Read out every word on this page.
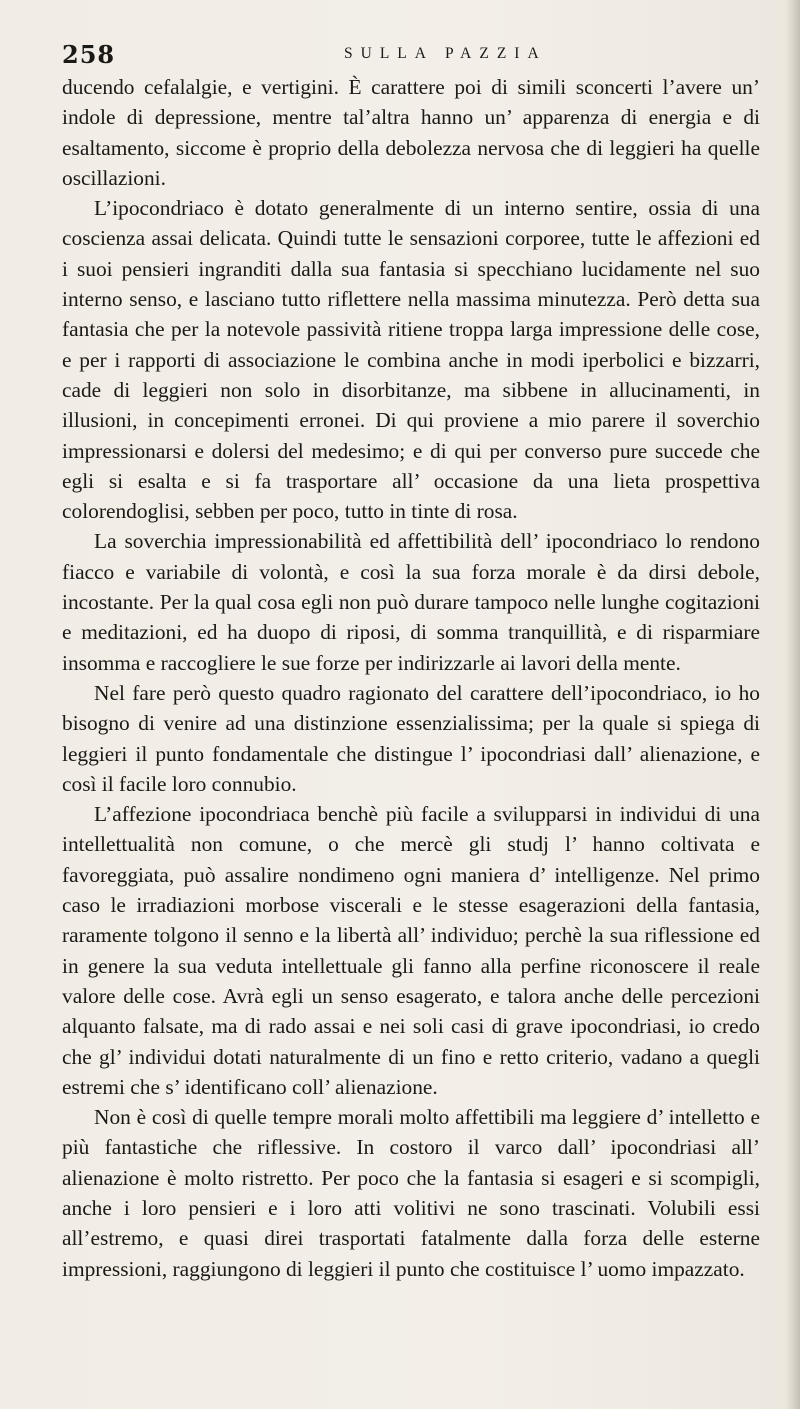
258	SULLA PAZZIA

ducendo cefalalgie, e vertigini. È carattere poi di simili sconcerti l’avere un’ indole di depressione, mentre tal’altra hanno un’ apparenza di energia e di esaltamento, siccome è proprio della debolezza nervosa che di leggieri ha quelle oscillazioni.

L’ipocondriaco è dotato generalmente di un interno sentire, ossia di una coscienza assai delicata. Quindi tutte le sensazioni corporee, tutte le affezioni ed i suoi pensieri ingranditi dalla sua fantasia si specchiano lucidamente nel suo interno senso, e lasciano tutto riflettere nella massima minutezza. Però detta sua fantasia che per la notevole passività ritiene troppa larga impressione delle cose, e per i rapporti di associazione le combina anche in modi iperbolici e bizzarri, cade di leggieri non solo in disorbitanze, ma sibbene in allucinamenti, in illusioni, in concepimenti erronei. Di qui proviene a mio parere il soverchio impressionarsi e dolersi del medesimo; e di qui per converso pure succede che egli si esalta e si fa trasportare all’ occasione da una lieta prospettiva colorendoglisi, sebben per poco, tutto in tinte di rosa.

La soverchia impressionabilità ed affettibilità dell’ ipocondriaco lo rendono fiacco e variabile di volontà, e così la sua forza morale è da dirsi debole, incostante. Per la qual cosa egli non può durare tampoco nelle lunghe cogitazioni e meditazioni, ed ha duopo di riposi, di somma tranquillità, e di risparmiare insomma e raccogliere le sue forze per indirizzarle ai lavori della mente.

Nel fare però questo quadro ragionato del carattere dell’ipocondriaco, io ho bisogno di venire ad una distinzione essenzialissima; per la quale si spiega di leggieri il punto fondamentale che distingue l’ ipocondriasi dall’ alienazione, e così il facile loro connubio.

L’affezione ipocondriaca benchè più facile a svilupparsi in individui di una intellettualità non comune, o che mercè gli studj l’ hanno coltivata e favoreggiata, può assalire nondimeno ogni maniera d’ intelligenze. Nel primo caso le irradiazioni morbose viscerali e le stesse esagerazioni della fantasia, raramente tolgono il senno e la libertà all’ individuo; perchè la sua riflessione ed in genere la sua veduta intellettuale gli fanno alla perfine riconoscere il reale valore delle cose. Avrà egli un senso esagerato, e talora anche delle percezioni alquanto falsate, ma di rado assai e nei soli casi di grave ipocondriasi, io credo che gl’ individui dotati naturalmente di un fino e retto criterio, vadano a quegli estremi che s’ identificano coll’ alienazione.

Non è così di quelle tempre morali molto affettibili ma leggiere d’ intelletto e più fantastiche che riflessive. In costoro il varco dall’ ipocondriasi all’ alienazione è molto ristretto. Per poco che la fantasia si esageri e si scompigli, anche i loro pensieri e i loro atti volitivi ne sono trascinati. Volubili essi all’estremo, e quasi direi trasportati fatalmente dalla forza delle esterne impressioni, raggiungono di leggieri il punto che costituisce l’ uomo impazzato.
